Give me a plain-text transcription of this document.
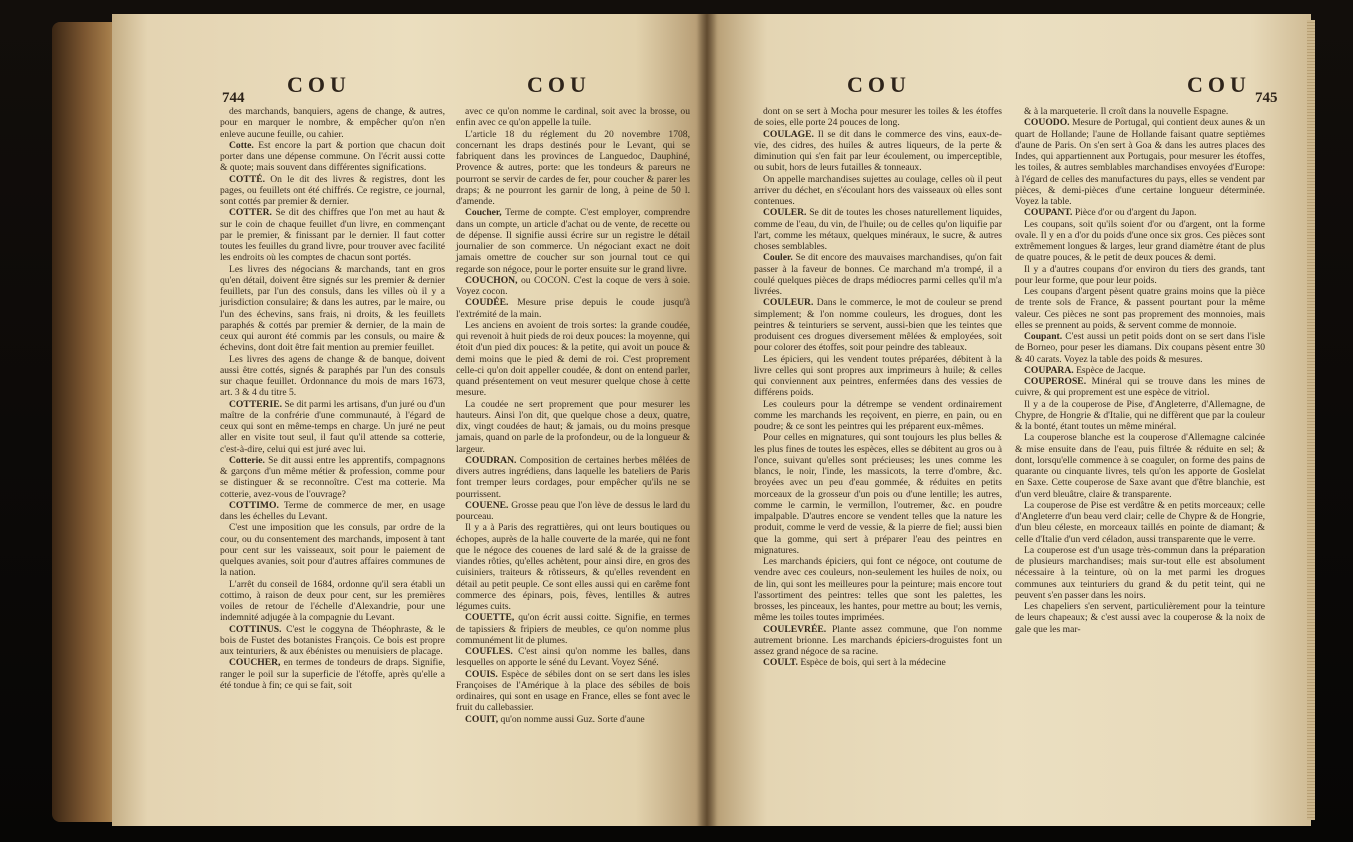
744
COU	COU

des marchands, banquiers, agens de change, & autres, pour en marquer le nombre, & empêcher qu'on n'en enleve aucune feuille, ou cahier.

Cotte. Est encore la part & portion que chacun doit porter dans une dépense commune. On l'écrit aussi cotte & quote; mais souvent dans différentes significations.

COTTÉ. On le dit des livres & registres, dont les pages, ou feuillets ont été chiffrés. Ce registre, ce journal, sont cottés par premier & dernier.

COTTER. Se dit des chiffres que l'on met au haut & sur le coin de chaque feuillet d'un livre, en commençant par le premier, & finissant par le dernier. Il faut cotter toutes les feuilles du grand livre, pour trouver avec facilité les endroits où les comptes de chacun sont portés.

Les livres des négocians & marchands, tant en gros qu'en détail, doivent être signés sur les premier & dernier feuillets, par l'un des consuls, dans les villes où il y a jurisdiction consulaire; & dans les autres, par le maire, ou l'un des échevins, sans frais, ni droits, & les feuillets paraphés & cottés par premier & dernier, de la main de ceux qui auront été commis par les consuls, ou maire & échevins, dont doit être fait mention au premier feuillet.

Les livres des agens de change & de banque, doivent aussi être cottés, signés & paraphés par l'un des consuls sur chaque feuillet. Ordonnance du mois de mars 1673, art. 3 & 4 du titre 5.

COTTERIE. Se dit parmi les artisans, d'un juré ou d'un maître de la confrérie d'une communauté, à l'égard de ceux qui sont en même-temps en charge. Un juré ne peut aller en visite tout seul, il faut qu'il attende sa cotterie, c'est-à-dire, celui qui est juré avec lui.

Cotterie. Se dit aussi entre les apprentifs, compagnons & garçons d'un même métier & profession, comme pour se distinguer & se reconnoître. C'est ma cotterie. Ma cotterie, avez-vous de l'ouvrage?

COTTIMO. Terme de commerce de mer, en usage dans les échelles du Levant.

C'est une imposition que les consuls, par ordre de la cour, ou du consentement des marchands, imposent à tant pour cent sur les vaisseaux, soit pour le paiement de quelques avanies, soit pour d'autres affaires communes de la nation.

L'arrêt du conseil de 1684, ordonne qu'il sera établi un cottimo, à raison de deux pour cent, sur les premières voiles de retour de l'échelle d'Alexandrie, pour une indemnité adjugée à la compagnie du Levant.

COTTINUS. C'est le coggyna de Théophraste, & le bois de Fustet des botanistes François. Ce bois est propre aux teinturiers, & aux ébénistes ou menuisiers de placage.

COUCHER, en termes de tondeurs de draps. Signifie, ranger le poil sur la superficie de l'étoffe, après qu'elle a été tondue à fin; ce qui se fait, soit

avec ce qu'on nomme le cardinal, soit avec la brosse, ou enfin avec ce qu'on appelle la tuile.

L'article 18 du réglement du 20 novembre 1708, concernant les draps destinés pour le Levant, qui se fabriquent dans les provinces de Languedoc, Dauphiné, Provence & autres, porte: que les tondeurs & pareurs ne pourront se servir de cardes de fer, pour coucher & parer les draps; & ne pourront les garnir de long, à peine de 50 l. d'amende.

Coucher, Terme de compte. C'est employer, comprendre dans un compte, un article d'achat ou de vente, de recette ou de dépense. Il signifie aussi écrire sur un registre le détail journalier de son commerce. Un négociant exact ne doit jamais omettre de coucher sur son journal tout ce qui regarde son négoce, pour le porter ensuite sur le grand livre.

COUCHON, ou COCON. C'est la coque de vers à soie. Voyez cocon.

COUDÉE. Mesure prise depuis le coude jusqu'à l'extrémité de la main.

Les anciens en avoient de trois sortes: la grande coudée, qui revenoit à huit pieds de roi deux pouces: la moyenne, qui étoit d'un pied dix pouces: & la petite, qui avoit un pouce & demi moins que le pied & demi de roi. C'est proprement celle-ci qu'on doit appeller coudée, & dont on entend parler, quand présentement on veut mesurer quelque chose à cette mesure.

La coudée ne sert proprement que pour mesurer les hauteurs. Ainsi l'on dit, que quelque chose a deux, quatre, dix, vingt coudées de haut; & jamais, ou du moins presque jamais, quand on parle de la profondeur, ou de la longueur & largeur.

COUDRAN. Composition de certaines herbes mêlées de divers autres ingrédiens, dans laquelle les bateliers de Paris font tremper leurs cordages, pour empêcher qu'ils ne se pourrissent.

COUENE. Grosse peau que l'on lève de dessus le lard du pourceau.

Il y a à Paris des regrattières, qui ont leurs boutiques ou échopes, auprès de la halle couverte de la marée, qui ne font que le négoce des couenes de lard salé & de la graisse de viandes rôties, qu'elles achètent, pour ainsi dire, en gros des cuisiniers, traiteurs & rôtisseurs, & qu'elles revendent en détail au petit peuple. Ce sont elles aussi qui en carême font commerce des épinars, pois, fèves, lentilles & autres légumes cuits.

COUETTE, qu'on écrit aussi coitte. Signifie, en termes de tapissiers & fripiers de meubles, ce qu'on nomme plus communément lit de plumes.

COUFLES. C'est ainsi qu'on nomme les balles, dans lesquelles on apporte le séné du Levant. Voyez Séné.

COUIS. Espèce de sébiles dont on se sert dans les isles Françoises de l'Amérique à la place des sébiles de bois ordinaires, qui sont en usage en France, elles se font avec le fruit du callebassier.

COUIT, qu'on nomme aussi Guz. Sorte d'aune

COU	COU
745

dont on se sert à Mocha pour mesurer les toiles & les étoffes de soies, elle porte 24 pouces de long.

COULAGE. Il se dit dans le commerce des vins, eaux-de-vie, des cidres, des huiles & autres liqueurs, de la perte & diminution qui s'en fait par leur écoulement, ou imperceptible, ou subit, hors de leurs futailles & tonneaux.

On appelle marchandises sujettes au coulage, celles où il peut arriver du déchet, en s'écoulant hors des vaisseaux où elles sont contenues.

COULER. Se dit de toutes les choses naturellement liquides, comme de l'eau, du vin, de l'huile; ou de celles qu'on liquifie par l'art, comme les métaux, quelques minéraux, le sucre, & autres choses semblables.

Couler. Se dit encore des mauvaises marchandises, qu'on fait passer à la faveur de bonnes. Ce marchand m'a trompé, il a coulé quelques pièces de draps médiocres parmi celles qu'il m'a livrées.

COULEUR. Dans le commerce, le mot de couleur se prend simplement; & l'on nomme couleurs, les drogues, dont les peintres & teinturiers se servent, aussi-bien que les teintes que produisent ces drogues diversement mêlées & employées, soit pour colorer des étoffes, soit pour peindre des tableaux.

Les épiciers, qui les vendent toutes préparées, débitent à la livre celles qui sont propres aux imprimeurs à huile; & celles qui conviennent aux peintres, enfermées dans des vessies de différens poids.

Les couleurs pour la détrempe se vendent ordinairement comme les marchands les reçoivent, en pierre, en pain, ou en poudre; & ce sont les peintres qui les préparent eux-mêmes.

Pour celles en mignatures, qui sont toujours les plus belles & les plus fines de toutes les espèces, elles se débitent au gros ou à l'once, suivant qu'elles sont précieuses; les unes comme les blancs, le noir, l'inde, les massicots, la terre d'ombre, &c. broyées avec un peu d'eau gommée, & réduites en petits morceaux de la grosseur d'un pois ou d'une lentille; les autres, comme le carmin, le vermillon, l'outremer, &c. en poudre impalpable. D'autres encore se vendent telles que la nature les produit, comme le verd de vessie, & la pierre de fiel; aussi bien que la gomme, qui sert à préparer l'eau des peintres en mignatures.

Les marchands épiciers, qui font ce négoce, ont coutume de vendre avec ces couleurs, non-seulement les huiles de noix, ou de lin, qui sont les meilleures pour la peinture; mais encore tout l'assortiment des peintres: telles que sont les palettes, les brosses, les pinceaux, les hantes, pour mettre au bout; les vernis, même les toiles toutes imprimées.

COULEVRÉE. Plante assez commune, que l'on nomme autrement brionne. Les marchands épiciers-droguistes font un assez grand négoce de sa racine.

COULT. Espèce de bois, qui sert à la médecine

& à la marqueterie. Il croît dans la nouvelle Espagne.

COUODO. Mesure de Portugal, qui contient deux aunes & un quart de Hollande; l'aune de Hollande faisant quatre septièmes d'aune de Paris. On s'en sert à Goa & dans les autres places des Indes, qui appartiennent aux Portugais, pour mesurer les étoffes, les toiles, & autres semblables marchandises envoyées d'Europe: à l'égard de celles des manufactures du pays, elles se vendent par pièces, & demi-pièces d'une certaine longueur déterminée. Voyez la table.

COUPANT. Pièce d'or ou d'argent du Japon.

Les coupans, soit qu'ils soient d'or ou d'argent, ont la forme ovale. Il y en a d'or du poids d'une once six gros. Ces pièces sont extrêmement longues & larges, leur grand diamètre étant de plus de quatre pouces, & le petit de deux pouces & demi.

Il y a d'autres coupans d'or environ du tiers des grands, tant pour leur forme, que pour leur poids.

Les coupans d'argent pèsent quatre grains moins que la pièce de trente sols de France, & passent pourtant pour la même valeur. Ces pièces ne sont pas proprement des monnoies, mais elles se prennent au poids, & servent comme de monnoie.

Coupant. C'est aussi un petit poids dont on se sert dans l'isle de Borneo, pour peser les diamans. Dix coupans pèsent entre 30 & 40 carats. Voyez la table des poids & mesures.

COUPARA. Espèce de Jacque.

COUPEROSE. Minéral qui se trouve dans les mines de cuivre, & qui proprement est une espèce de vitriol.

Il y a de la couperose de Pise, d'Angleterre, d'Allemagne, de Chypre, de Hongrie & d'Italie, qui ne diffèrent que par la couleur & la bonté, étant toutes un même minéral.

La couperose blanche est la couperose d'Allemagne calcinée & mise ensuite dans de l'eau, puis filtrée & réduite en sel; & dont, lorsqu'elle commence à se coaguler, on forme des pains de quarante ou cinquante livres, tels qu'on les apporte de Goslelat en Saxe. Cette couperose de Saxe avant que d'être blanchie, est d'un verd bleuâtre, claire & transparente.

La couperose de Pise est verdâtre & en petits morceaux; celle d'Angleterre d'un beau verd clair; celle de Chypre & de Hongrie, d'un bleu céleste, en morceaux taillés en pointe de diamant; & celle d'Italie d'un verd céladon, aussi transparente que le verre.

La couperose est d'un usage très-commun dans la préparation de plusieurs marchandises; mais sur-tout elle est absolument nécessaire à la teinture, où on la met parmi les drogues communes aux teinturiers du grand & du petit teint, qui ne peuvent s'en passer dans les noirs.

Les chapeliers s'en servent, particulièrement pour la teinture de leurs chapeaux; & c'est aussi avec la couperose & la noix de gale que les mar-
